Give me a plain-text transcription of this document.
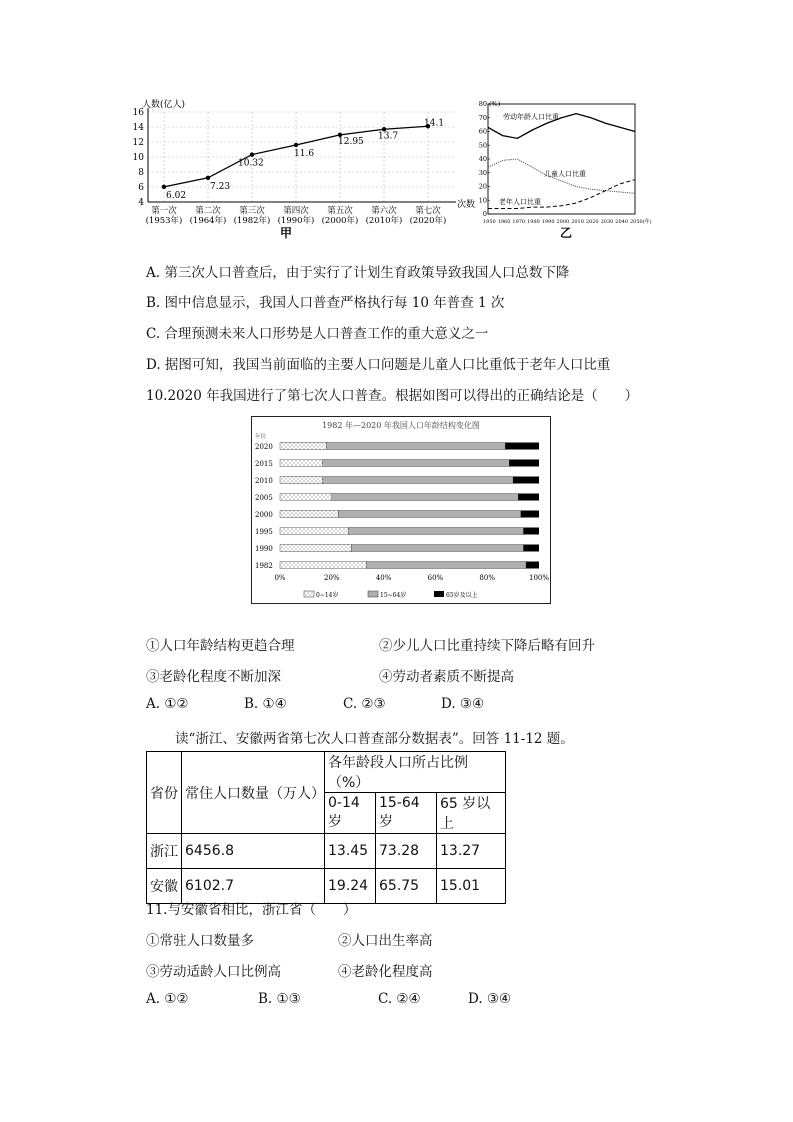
人数(亿人)
4
6
8
10
12
14
16
第一次
(1953年)
第二次
(1964年)
第三次
(1982年)
第四次
(1990年)
第五次
(2000年)
第六次
(2010年)
第七次
(2020年)
6.02
7.23
10.32
11.6
12.95
13.7
14.1
次数
甲
(%)
0
10
20
30
40
50
60
70
80
1950 1960 1970 1980 1990 2000 2010 2020 2030 2040 2050(年)
劳动年龄人口比重
儿童人口比重
老年人口比重
乙
A. 第三次人口普查后，由于实行了计划生育政策导致我国人口总数下降
B. 图中信息显示，我国人口普查严格执行每 10 年普查 1 次
C. 合理预测未来人口形势是人口普查工作的重大意义之一
D. 据图可知，我国当前面临的主要人口问题是儿童人口比重低于老年人口比重
10.2020 年我国进行了第七次人口普查。根据如图可以得出的正确结论是（　　）
1982 年—2020 年我国人口年龄结构变化图
年份
2020
2015
2010
2005
2000
1995
1990
1982
0%	20%	40%	60%	80%	100%
0~14岁	15~64岁	65岁及以上
①人口年龄结构更趋合理	②少儿人口比重持续下降后略有回升
③老龄化程度不断加深	④劳动者素质不断提高
A. ①②	B. ①④	C. ②③	D. ③④
读“浙江、安徽两省第七次人口普查部分数据表”。回答 11-12 题。
省份	常住人口数量（万人）	各年龄段人口所占比例（%）		
		0-14 岁	15-64 岁	65 岁以上
浙江	6456.8	13.45	73.28	13.27
安徽	6102.7	19.24	65.75	15.01
11.与安徽省相比，浙江省（　　）
①常驻人口数量多	②人口出生率高
③劳动适龄人口比例高	④老龄化程度高
A. ①②	B. ①③	C. ②④	D. ③④
